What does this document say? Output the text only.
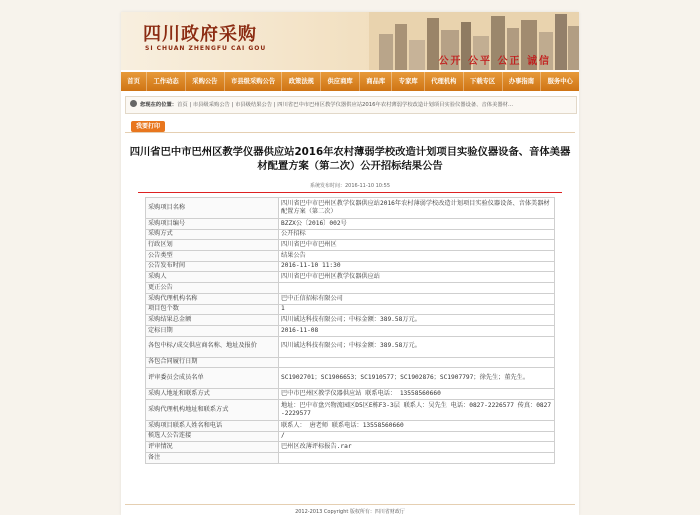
四川政府采购
SI CHUAN ZHENGFU CAI GOU
公开 公平 公正 诚信
首页	工作动态	采购公告	市县级采购公告	政策法规	供应商库	商品库	专家库	代理机构	下载专区	办事指南	服务中心
您现在的位置：首页 | 市县级采购公告 | 市县级结果公告 | 四川省巴中市巴州区教学仪器供应站2016年农村薄弱学校改造计划项目实验仪器设备、音体美器材...
我要打印
四川省巴中市巴州区教学仪器供应站2016年农村薄弱学校改造计划项目实验仪器设备、音体美器材配置方案（第二次）公开招标结果公告
系统发布时间：2016-11-10 10:55
采购项目名称	四川省巴中市巴州区教学仪器供应站2016年农村薄弱学校改造计划项目实验仪器设备、音体美器材配置方案（第二次）
采购项目编号	BZZX公〔2016〕002号
采购方式	公开招标
行政区划	四川省巴中市巴州区
公告类型	结果公告
公告发布时间	2016-11-10 11:30
采购人	四川省巴中市巴州区教学仪器供应站
更正公告	
采购代理机构名称	巴中正信招标有限公司
项目包个数	1
采购结果总金额	四川诚达科技有限公司；中标金额：389.58万元。
定标日期	2016-11-08
各包中标/成交供应商名称、地址及报价	四川诚达科技有限公司；中标金额：389.58万元。
各包合同履行日期	
评审委员会成员名单	SC1902701；SC1906653；SC1910577；SC1902876；SC1907797；徐先生；董先生。
采购人地址和联系方式	巴中市巴州区教学仪器供应站 联系电话： 13558560660
采购代理机构地址和联系方式	地址：巴中市盘兴物流园区D5区E栋F3-3层 联系人：吴先生 电话：0827-2226577 传真：0827-2229577
采购项目联系人姓名和电话	联系人： 唐老师 联系电话：13558560660
候选人公告连接	/
评审情况	巴州区改薄评标报告.rar
备注	
2012-2013 Copyright 版权所有：四川省财政厅
